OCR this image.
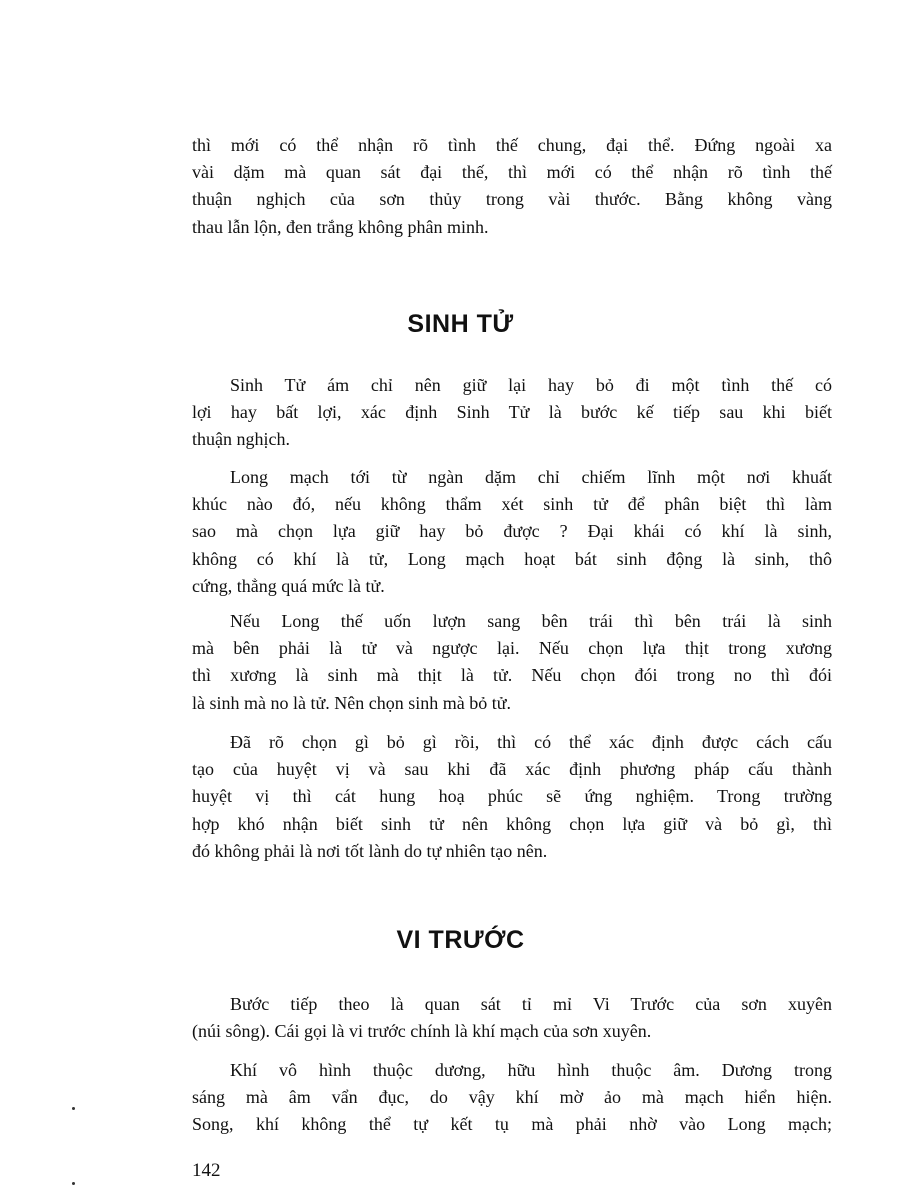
thì mới có thể nhận rõ tình thế chung, đại thể. Đứng ngoài xa
vài dặm mà quan sát đại thế, thì mới có thể nhận rõ tình thế
thuận nghịch của sơn thủy trong vài thước. Bằng không vàng
thau lẫn lộn, đen trắng không phân minh.
SINH TỬ
Sinh Tử ám chỉ nên giữ lại hay bỏ đi một tình thế có
lợi hay bất lợi, xác định Sinh Tử là bước kế tiếp sau khi biết
thuận nghịch.
Long mạch tới từ ngàn dặm chỉ chiếm lĩnh một nơi khuất
khúc nào đó, nếu không thẩm xét sinh tử để phân biệt thì làm
sao mà chọn lựa giữ hay bỏ được ? Đại khái có khí là sinh,
không có khí là tử, Long mạch hoạt bát sinh động là sinh, thô
cứng, thẳng quá mức là tử.
Nếu Long thế uốn lượn sang bên trái thì bên trái là sinh
mà bên phải là tử và ngược lại. Nếu chọn lựa thịt trong xương
thì xương là sinh mà thịt là tử. Nếu chọn đói trong no thì đói
là sinh mà no là tử. Nên chọn sinh mà bỏ tử.
Đã rõ chọn gì bỏ gì rồi, thì có thể xác định được cách cấu
tạo của huyệt vị và sau khi đã xác định phương pháp cấu thành
huyệt vị thì cát hung hoạ phúc sẽ ứng nghiệm. Trong trường
hợp khó nhận biết sinh tử nên không chọn lựa giữ và bỏ gì, thì
đó không phải là nơi tốt lành do tự nhiên tạo nên.
VI TRƯỚC
Bước tiếp theo là quan sát tỉ mỉ Vi Trước của sơn xuyên
(núi sông). Cái gọi là vi trước chính là khí mạch của sơn xuyên.
Khí vô hình thuộc dương, hữu hình thuộc âm. Dương trong
sáng mà âm vẩn đục, do vậy khí mờ ảo mà mạch hiển hiện.
Song, khí không thể tự kết tụ mà phải nhờ vào Long mạch;
142
